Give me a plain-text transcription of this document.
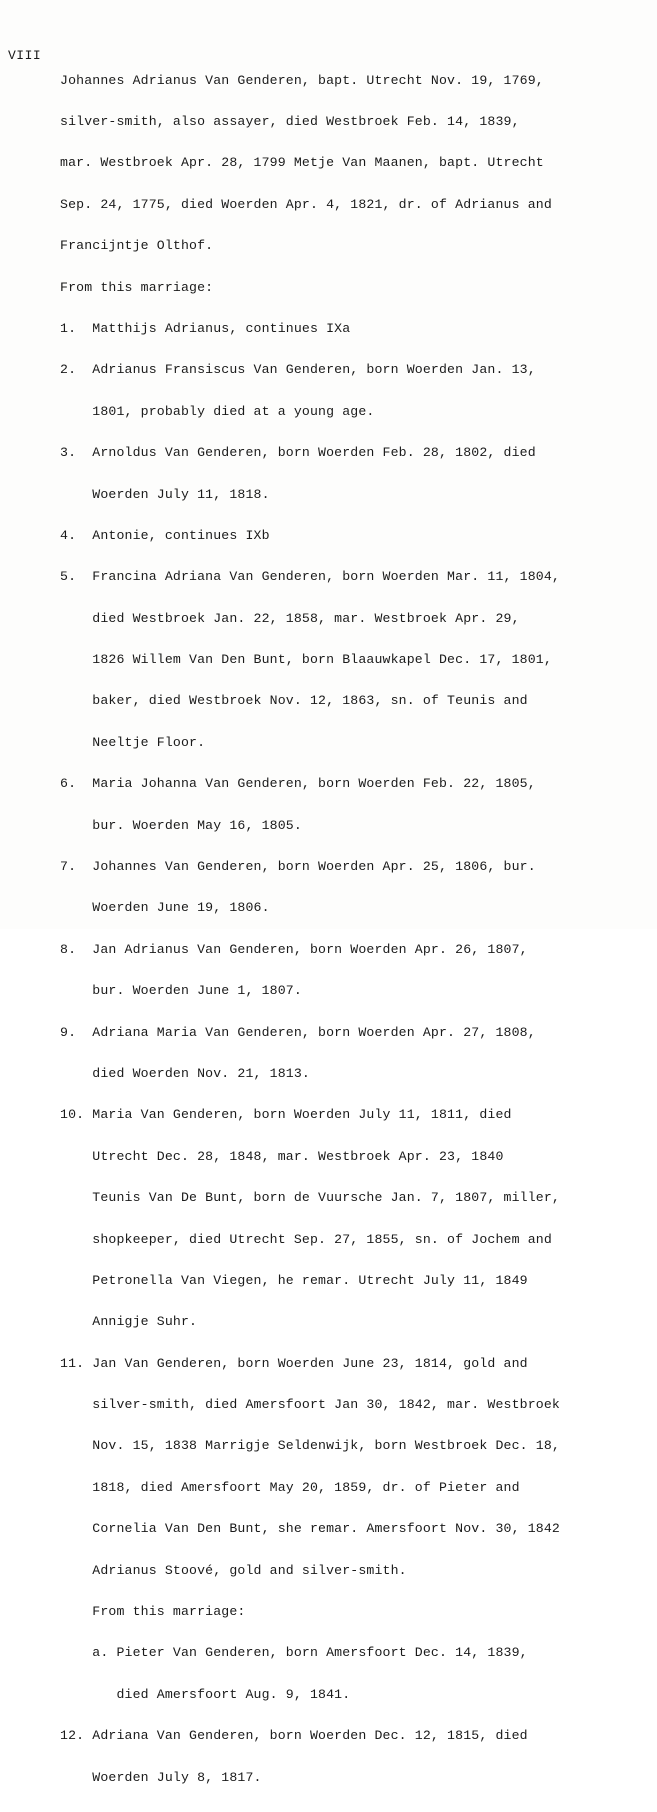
VIII

Johannes Adrianus Van Genderen, bapt. Utrecht Nov. 19, 1769,

silver-smith, also assayer, died Westbroek Feb. 14, 1839,

mar. Westbroek Apr. 28, 1799 Metje Van Maanen, bapt. Utrecht

Sep. 24, 1775, died Woerden Apr. 4, 1821, dr. of Adrianus and

Francijntje Olthof.

From this marriage:

1.  Matthijs Adrianus, continues IXa

2.  Adrianus Fransiscus Van Genderen, born Woerden Jan. 13,

1801, probably died at a young age.

3.  Arnoldus Van Genderen, born Woerden Feb. 28, 1802, died

Woerden July 11, 1818.

4.  Antonie, continues IXb

5.  Francina Adriana Van Genderen, born Woerden Mar. 11, 1804,

died Westbroek Jan. 22, 1858, mar. Westbroek Apr. 29,

1826 Willem Van Den Bunt, born Blaauwkapel Dec. 17, 1801,

baker, died Westbroek Nov. 12, 1863, sn. of Teunis and

Neeltje Floor.

6.  Maria Johanna Van Genderen, born Woerden Feb. 22, 1805,

bur. Woerden May 16, 1805.

7.  Johannes Van Genderen, born Woerden Apr. 25, 1806, bur.

Woerden June 19, 1806.

8.  Jan Adrianus Van Genderen, born Woerden Apr. 26, 1807,

bur. Woerden June 1, 1807.

9.  Adriana Maria Van Genderen, born Woerden Apr. 27, 1808,

died Woerden Nov. 21, 1813.

10. Maria Van Genderen, born Woerden July 11, 1811, died

Utrecht Dec. 28, 1848, mar. Westbroek Apr. 23, 1840

Teunis Van De Bunt, born de Vuursche Jan. 7, 1807, miller,

shopkeeper, died Utrecht Sep. 27, 1855, sn. of Jochem and

Petronella Van Viegen, he remar. Utrecht July 11, 1849

Annigje Suhr.

11. Jan Van Genderen, born Woerden June 23, 1814, gold and

silver-smith, died Amersfoort Jan 30, 1842, mar. Westbroek

Nov. 15, 1838 Marrigje Seldenwijk, born Westbroek Dec. 18,

1818, died Amersfoort May 20, 1859, dr. of Pieter and

Cornelia Van Den Bunt, she remar. Amersfoort Nov. 30, 1842

Adrianus Stoové, gold and silver-smith.

From this marriage:

a. Pieter Van Genderen, born Amersfoort Dec. 14, 1839,

died Amersfoort Aug. 9, 1841.

12. Adriana Van Genderen, born Woerden Dec. 12, 1815, died

Woerden July 8, 1817.
